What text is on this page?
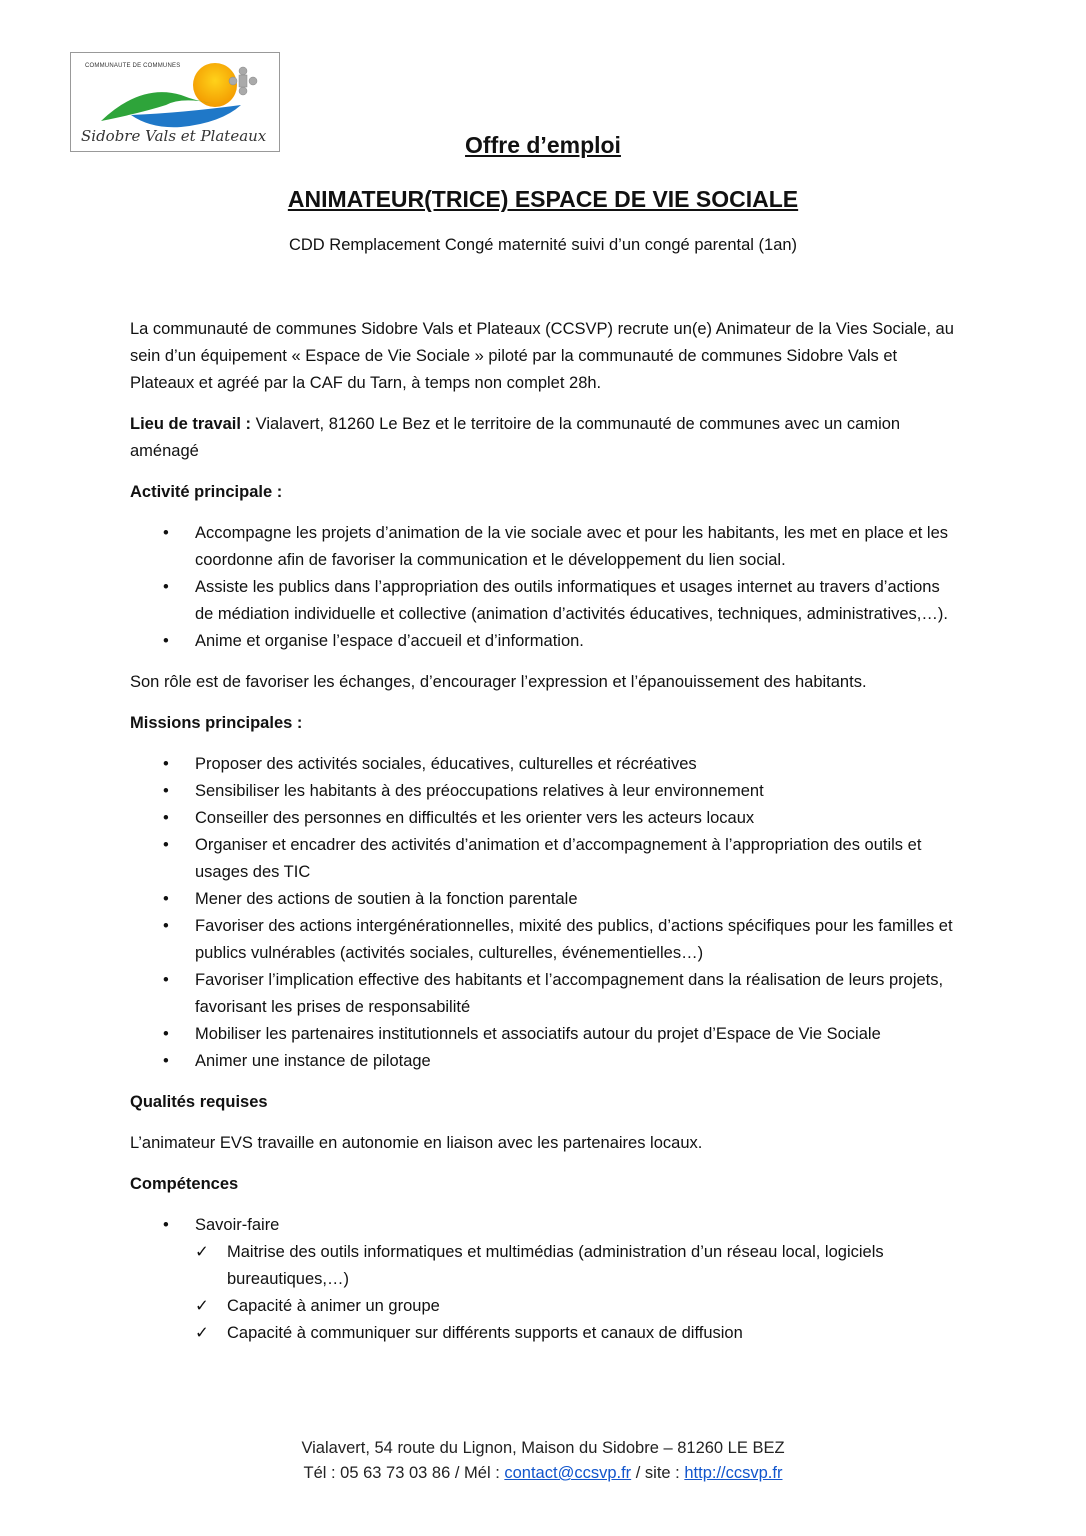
COMMUNAUTE DE COMMUNES
Sidobre Vals et Plateaux	Offre d’emploi
ANIMATEUR(TRICE) ESPACE DE VIE SOCIALE
CDD Remplacement Congé maternité suivi d’un congé parental (1an)

La communauté de communes Sidobre Vals et Plateaux (CCSVP) recrute un(e) Animateur de la Vies Sociale, au sein d’un équipement « Espace de Vie Sociale » piloté par la communauté de communes Sidobre Vals et Plateaux et agréé par la CAF du Tarn, à temps non complet 28h.

Lieu de travail : Vialavert, 81260 Le Bez et le territoire de la communauté de communes avec un camion aménagé

Activité principale :
• Accompagne les projets d’animation de la vie sociale avec et pour les habitants, les met en place et les coordonne afin de favoriser la communication et le développement du lien social.
• Assiste les publics dans l’appropriation des outils informatiques et usages internet au travers d’actions de médiation individuelle et collective (animation d’activités éducatives, techniques, administratives,…).
• Anime et organise l’espace d’accueil et d’information.

Son rôle est de favoriser les échanges, d’encourager l’expression et l’épanouissement des habitants.

Missions principales :
• Proposer des activités sociales, éducatives, culturelles et récréatives
• Sensibiliser les habitants à des préoccupations relatives à leur environnement
• Conseiller des personnes en difficultés et les orienter vers les acteurs locaux
• Organiser et encadrer des activités d’animation et d’accompagnement à l’appropriation des outils et usages des TIC
• Mener des actions de soutien à la fonction parentale
• Favoriser des actions intergénérationnelles, mixité des publics, d’actions spécifiques pour les familles et publics vulnérables (activités sociales, culturelles, événementielles…)
• Favoriser l’implication effective des habitants et l’accompagnement dans la réalisation de leurs projets, favorisant les prises de responsabilité
• Mobiliser les partenaires institutionnels et associatifs autour du projet d’Espace de Vie Sociale
• Animer une instance de pilotage
Qualités requises

L’animateur EVS travaille en autonomie en liaison avec les partenaires locaux.

Compétences
• Savoir-faire
✓ Maitrise des outils informatiques et multimédias (administration d’un réseau local, logiciels bureautiques,…)
✓ Capacité à animer un groupe
✓ Capacité à communiquer sur différents supports et canaux de diffusion
Vialavert, 54 route du Lignon, Maison du Sidobre – 81260 LE BEZ
Tél : 05 63 73 03 86 / Mél : contact@ccsvp.fr / site : http://ccsvp.fr
